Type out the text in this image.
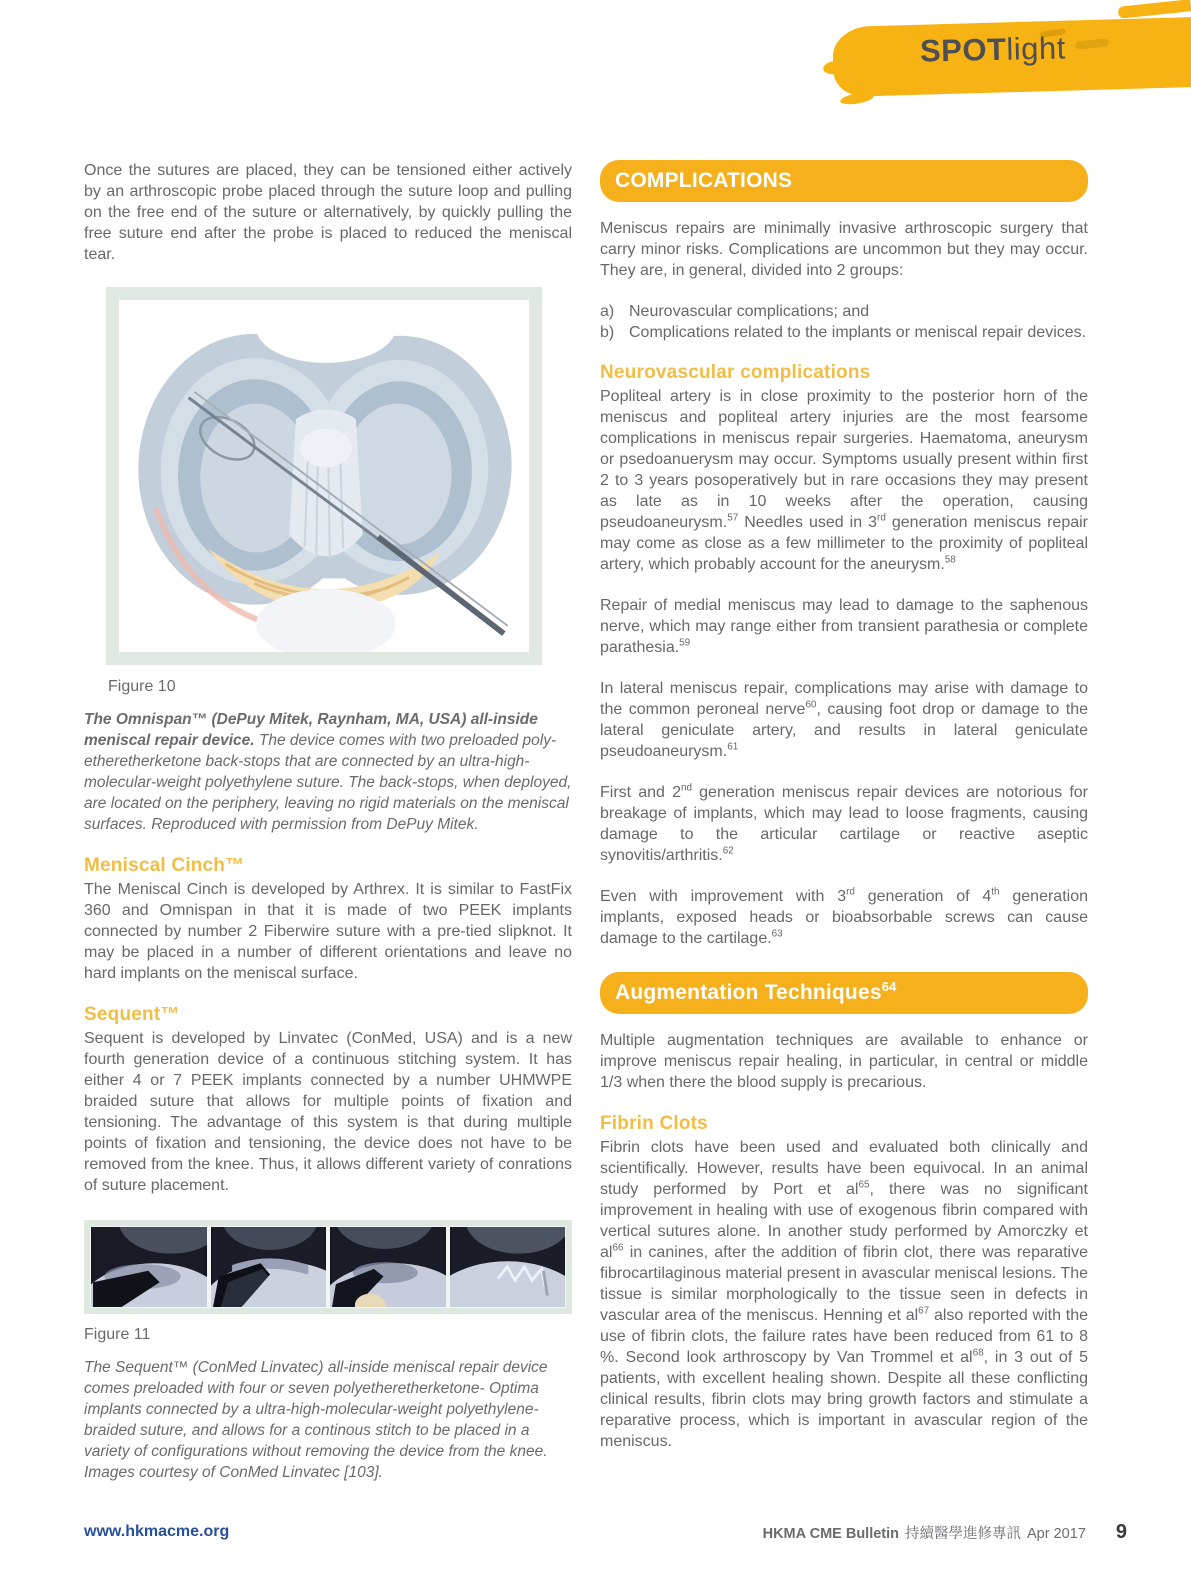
SPOTlight

Once the sutures are placed, they can be tensioned either actively by an arthroscopic probe placed through the suture loop and pulling on the free end of the suture or alternatively, by quickly pulling the free suture end after the probe is placed to reduced the meniscal tear.

Figure 10

The Omnispan™ (DePuy Mitek, Raynham, MA, USA) all-inside meniscal repair device. The device comes with two preloaded poly-etheretherketone back-stops that are connected by an ultra-high-molecular-weight polyethylene suture. The back-stops, when deployed, are located on the periphery, leaving no rigid materials on the meniscal surfaces. Reproduced with permission from DePuy Mitek.

Meniscal Cinch™

The Meniscal Cinch is developed by Arthrex. It is similar to FastFix 360 and Omnispan in that it is made of two PEEK implants connected by number 2 Fiberwire suture with a pre-tied slipknot. It may be placed in a number of different orientations and leave no hard implants on the meniscal surface.

Sequent™

Sequent is developed by Linvatec (ConMed, USA) and is a new fourth generation device of a continuous stitching system. It has either 4 or 7 PEEK implants connected by a number UHMWPE braided suture that allows for multiple points of fixation and tensioning. The advantage of this system is that during multiple points of fixation and tensioning, the device does not have to be removed from the knee. Thus, it allows different variety of conrations of suture placement.

Figure 11

The Sequent™ (ConMed Linvatec) all-inside meniscal repair device comes preloaded with four or seven polyetheretherketone- Optima implants connected by a ultra-high-molecular-weight polyethylene-braided suture, and allows for a continous stitch to be placed in a variety of configurations without removing the device from the knee. Images courtesy of ConMed Linvatec [103].

COMPLICATIONS

Meniscus repairs are minimally invasive arthroscopic surgery that carry minor risks. Complications are uncommon but they may occur. They are, in general, divided into 2 groups:

a) Neurovascular complications; and
b) Complications related to the implants or meniscal repair devices.
Neurovascular complications

Popliteal artery is in close proximity to the posterior horn of the meniscus and popliteal artery injuries are the most fearsome complications in meniscus repair surgeries. Haematoma, aneurysm or psedoanuerysm may occur. Symptoms usually present within first 2 to 3 years posoperatively but in rare occasions they may present as late as in 10 weeks after the operation, causing pseudoaneurysm.$^{57}$ Needles used in 3rd generation meniscus repair may come as close as a few millimeter to the proximity of popliteal artery, which probably account for the aneurysm.$^{58}$

Repair of medial meniscus may lead to damage to the saphenous nerve, which may range either from transient parathesia or complete parathesia.$^{59}$

In lateral meniscus repair, complications may arise with damage to the common peroneal nerve$^{60}$, causing foot drop or damage to the lateral geniculate artery, and results in lateral geniculate pseudoaneurysm.$^{61}$

First and 2nd generation meniscus repair devices are notorious for breakage of implants, which may lead to loose fragments, causing damage to the articular cartilage or reactive aseptic synovitis/arthritis.$^{62}$

Even with improvement with 3rd generation of 4th generation implants, exposed heads or bioabsorbable screws can cause damage to the cartilage.$^{63}$

Augmentation Techniques$^{64}$

Multiple augmentation techniques are available to enhance or improve meniscus repair healing, in particular, in central or middle 1/3 when there the blood supply is precarious.

Fibrin Clots

Fibrin clots have been used and evaluated both clinically and scientifically. However, results have been equivocal. In an animal study performed by Port et $al^{65}$, there was no significant improvement in healing with use of exogenous fibrin compared with vertical sutures alone. In another study performed by Amorczky et $al^{66}$ in canines, after the addition of fibrin clot, there was reparative fibrocartilaginous material present in avascular meniscal lesions. The tissue is similar morphologically to the tissue seen in defects in vascular area of the meniscus. Henning et $al^{67}$ also reported with the use of fibrin clots, the failure rates have been reduced from 61 to 8 %. Second look arthroscopy by Van Trommel et $al^{68}$, in 3 out of 5 patients, with excellent healing shown. Despite all these conflicting clinical results, fibrin clots may bring growth factors and stimulate a reparative process, which is important in avascular region of the meniscus.

www.hkmacme.org	HKMA CME Bulletin 持續醫學進修專訊 Apr 2017 9
